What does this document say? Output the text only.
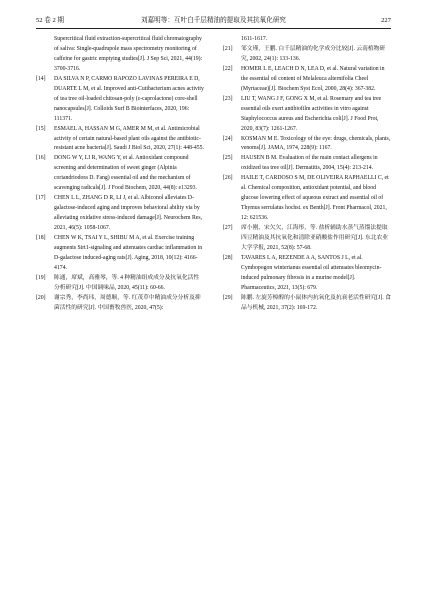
52 卷 2 期	刘嘉明等：互叶白千层精油的提取及其抗氧化研究	227
Supercritical fluid extraction-supercritical fluid chromatography of saliva: Single-quadrupole mass spectrometry monitoring of caffeine for gastric emptying studies[J]. J Sep Sci, 2021, 44(19): 3700-3716.
[14] DA SILVA N P, CARMO RAPOZO LAVINAS PEREIRA E D, DUARTE L M, et al. Improved anti-Cutibacterium acnes activity of tea tree oil-loaded chitosan-poly (ε-caprolactone) core-shell nanocapsules[J]. Colloids Surf B Biointerfaces, 2020, 196: 111371.
[15] ESMAEL A, HASSAN M G, AMER M M, et al. Antimicrobial activity of certain natural-based plant oils against the antibiotic-resistant acne bacteria[J]. Saudi J Biol Sci, 2020, 27(1): 448-455.
[16] DONG W Y, LI R, WANG Y, et al. Antioxidant compound screening and determination of sweet ginger (Alpinia coriandriodora D. Fang) essential oil and the mechanism of scavenging radicals[J]. J Food Biochem, 2020, 44(8): e13293.
[17] CHEN L L, ZHANG D R, LI J, et al. Albiconol alleviates D-galactose-induced aging and improves behavioral ability via by alleviating oxidative stress-induced damage[J]. Neurochem Res, 2021, 46(5): 1058-1067.
[18] CHEN W K, TSAI Y L, SHIBU M A, et al. Exercise training augments Sirt1-signaling and attenuates cardiac inflammation in D-galactose induced-aging rats[J]. Aging, 2018, 10(12): 4166-4174.
[19] 陈通，席斌，高雅琴，等. 4 种精油组成成分及抗氧化活性分析研究[J]. 中国调味品, 2020, 45(11): 60-66.
[20] 谢宗秀，李尚玮，周德顺，等. 红茂草中精油成分分析及抑菌活性的研究[J]. 中国畜牧兽医, 2020, 47(5):
1611-1617.
[21] 邹文瑾，王鹏. 白千层精油的化学成分比较[J]. 云南植物研究, 2002, 24(1): 133-136.
[22] HOMER L E, LEACH D N, LEA D, et al. Natural variation in the essential oil content of Melaleuca alternifolia Cheel (Myrtaceae)[J]. Biochem Syst Ecol, 2000, 28(4): 367-382.
[23] LIU T, WANG J F, GONG X M, et al. Rosemary and tea tree essential oils exert antibiofilm activities in vitro against Staphylococcus aureus and Escherichia coli[J]. J Food Prot, 2020, 83(7): 1261-1267.
[24] KOSMAN M E. Toxicology of the eye: drugs, chemicals, plants, venoms[J]. JAMA, 1974, 228(9): 1167.
[25] HAUSEN B M. Evaluation of the main contact allergens in oxidized tea tree oil[J]. Dermatitis, 2004, 15(4): 213-214.
[26] HAILE T, CARDOSO S M, DE OLIVEIRA RAPHAELLI C, et al. Chemical composition, antioxidant potential, and blood glucose lowering effect of aqueous extract and essential oil of Thymus serrulatus hochst. ex Benth[J]. Front Pharmacol, 2021, 12: 621536.
[27] 席小刚，宋欠欠，江海彤，等. 盐析辅助水蒸气蒸馏法提取四豆精油及其抗氧化和清除亚硝酸盐作用研究[J]. 东北农业大学学报, 2021, 52(8): 57-68.
[28] TAVARES L A, REZENDE A A, SANTOS J L, et al. Cymbopogon winterianus essential oil attenuates bleomycin-induced pulmonary fibrosis in a murine model[J]. Pharmaceutics, 2021, 13(5): 679.
[29] 陈鹏. 左旋芳樟醇的小鼠体内抗氧化及抗衰老活性研究[J]. 食品与机械, 2021, 37(2): 169-172.
